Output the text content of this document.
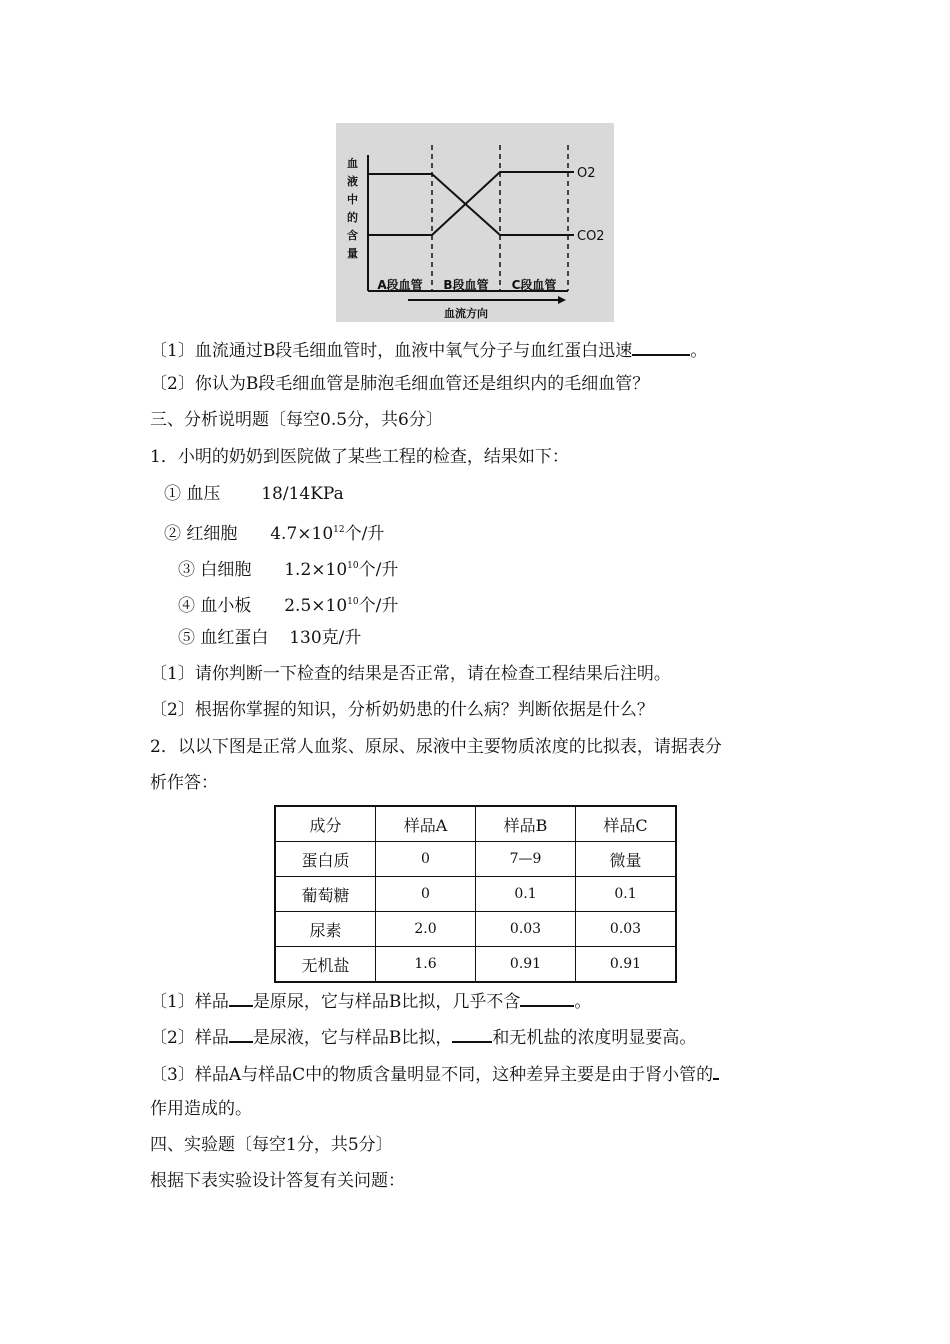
血
液
中
的
含
量
A段血管 B段血管 C段血管
血流方向
O2
CO2
〔1〕血流通过B段毛细血管时，血液中氧气分子与血红蛋白迅速	。
〔2〕你认为B段毛细血管是肺泡毛细血管还是组织内的毛细血管？
三、分析说明题〔每空0.5分，共6分〕
1．小明的奶奶到医院做了某些工程的检查，结果如下：
① 血压 18/14KPa
② 红细胞 $4.7\times 10^{12}$个/升
③ 白细胞 $1.2\times 10^{10}$个/升
④ 血小板 $2.5\times 10^{10}$个/升
⑤ 血红蛋白 130克/升
〔1〕请你判断一下检查的结果是否正常，请在检查工程结果后注明。
〔2〕根据你掌握的知识，分析奶奶患的什么病？判断依据是什么？
2．以以下图是正常人血浆、原尿、尿液中主要物质浓度的比拟表，请据表分
析作答：
成分	样品A	样品B	样品C
蛋白质	0	7—9	微量
葡萄糖	0	0.1	0.1
尿素	2.0	0.03	0.03
无机盐	1.6	0.91	0.91
〔1〕样品 是原尿，它与样品B比拟，几乎不含	。
〔2〕样品 是尿液，它与样品B比拟， 和无机盐的浓度明显要高。
〔3〕样品A与样品C中的物质含量明显不同，这种差异主要是由于肾小管的
作用造成的。
四、实验题〔每空1分，共5分〕
根据下表实验设计答复有关问题：
